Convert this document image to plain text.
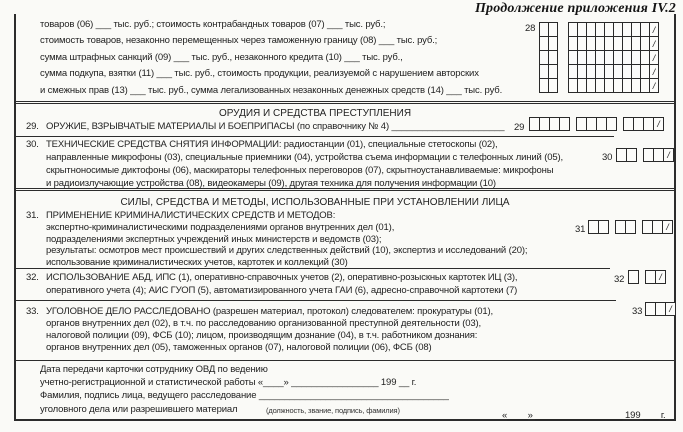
Продолжение приложения IV.2
товаров (06) ___ тыс. руб.; стоимость контрабандных товаров (07) ___ тыс. руб.;
стоимость товаров, незаконно перемещенных через таможенную границу (08) ___ тыс. руб.;
сумма штрафных санкций (09) ___ тыс. руб., незаконного кредита (10) ___ тыс. руб.,
сумма подкупа, взятки (11) ___ тыс. руб., стоимость продукции, реализуемой с нарушением авторских
и смежных прав (13) ___ тыс. руб., сумма легализованных незаконных денежных средств (14) ___ тыс. руб.
28	/
/
/
/
/
ОРУДИЯ И СРЕДСТВА ПРЕСТУПЛЕНИЯ
29. ОРУЖИЕ, ВЗРЫВЧАТЫЕ МАТЕРИАЛЫ И БОЕПРИПАСЫ (по справочнику № 4) ______________________ 29	/
30. ТЕХНИЧЕСКИЕ СРЕДСТВА СНЯТИЯ ИНФОРМАЦИИ: радиостанции (01), специальные стетоскопы (02),
направленные микрофоны (03), специальные приемники (04), устройства съема информации с телефонных линий (05),
скрытноносимые диктофоны (06), маскираторы телефонных переговоров (07), скрытноустанавливаемые: микрофоны
и радиоизлучающие устройства (08), видеокамеры (09), другая техника для получения информации (10)
30	/
СИЛЫ, СРЕДСТВА И МЕТОДЫ, ИСПОЛЬЗОВАННЫЕ ПРИ УСТАНОВЛЕНИИ ЛИЦА
31. ПРИМЕНЕНИЕ КРИМИНАЛИСТИЧЕСКИХ СРЕДСТВ И МЕТОДОВ:
экспертно-криминалистическими подразделениями органов внутренних дел (01),
подразделениями экспертных учреждений иных министерств и ведомств (03);
результаты: осмотров мест происшествий и других следственных действий (10), экспертиз и исследований (20);
использование криминалистических учетов, картотек и коллекций (30)
31	/
32. ИСПОЛЬЗОВАНИЕ АБД, ИПС (1), оперативно-справочных учетов (2), оперативно-розыскных картотек ИЦ (3),
оперативного учета (4); АИС ГУОП (5), автоматизированного учета ГАИ (6), адресно-справочной картотеки (7)
32	/
33. УГОЛОВНОЕ ДЕЛО РАССЛЕДОВАНО (разрешен материал, протокол) следователем: прокуратуры (01),
органов внутренних дел (02), в т.ч. по расследованию организованной преступной деятельности (03),
налоговой полиции (09), ФСБ (10); лицом, производящим дознание (04), в т.ч. работником дознания:
органов внутренних дел (05), таможенных органов (07), налоговой полиции (06), ФСБ (08)
33	/
Дата передачи карточки сотруднику ОВД по ведению
учетно-регистрационной и статистической работы «____» _________________ 199 __ г.
Фамилия, подпись лица, ведущего расследование _____________________________________
уголовного дела или разрешившего материал	(должность, звание, подпись, фамилия)	«____» _________________ 199 ___ г.
